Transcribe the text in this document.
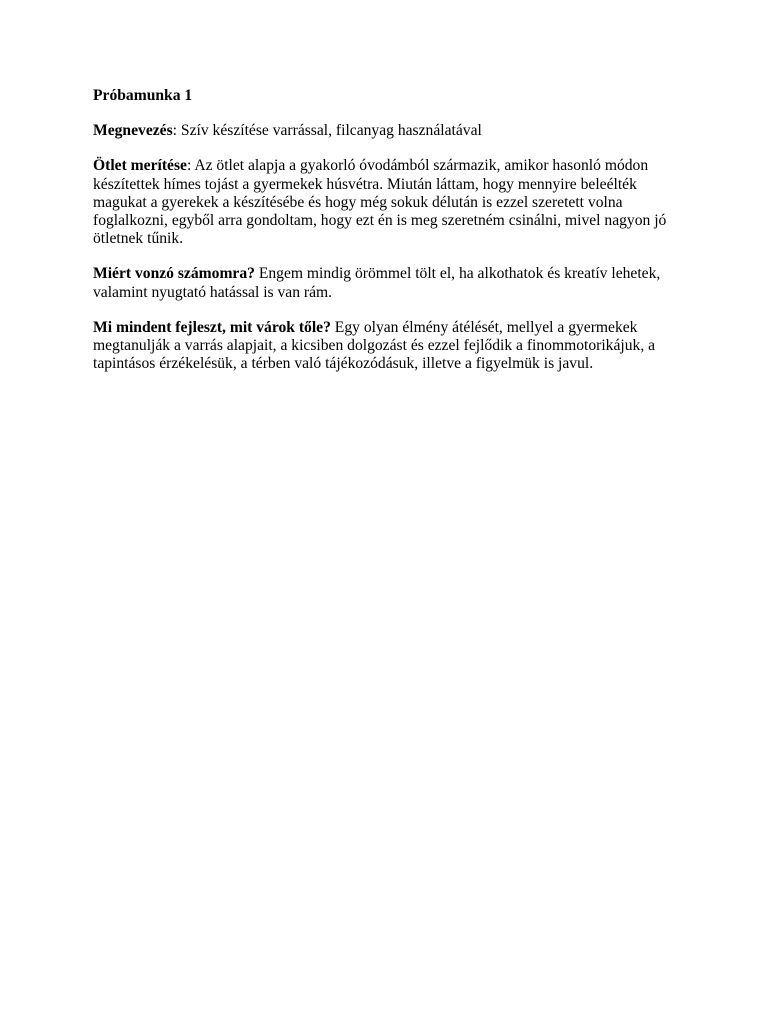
Próbamunka 1
Megnevezés: Szív készítése varrással, filcanyag használatával
Ötlet merítése: Az ötlet alapja a gyakorló óvodámból származik, amikor hasonló módon készítettek hímes tojást a gyermekek húsvétra. Miután láttam, hogy mennyire beleélték magukat a gyerekek a készítésébe és hogy még sokuk délután is ezzel szeretett volna foglalkozni, egyből arra gondoltam, hogy ezt én is meg szeretném csinálni, mivel nagyon jó ötletnek tűnik.
Miért vonzó számomra? Engem mindig örömmel tölt el, ha alkothatok és kreatív lehetek, valamint nyugtató hatással is van rám.
Mi mindent fejleszt, mit várok tőle? Egy olyan élmény átélését, mellyel a gyermekek megtanulják a varrás alapjait, a kicsiben dolgozást és ezzel fejlődik a finommotorikájuk, a tapintásos érzékelésük, a térben való tájékozódásuk, illetve a figyelmük is javul.
